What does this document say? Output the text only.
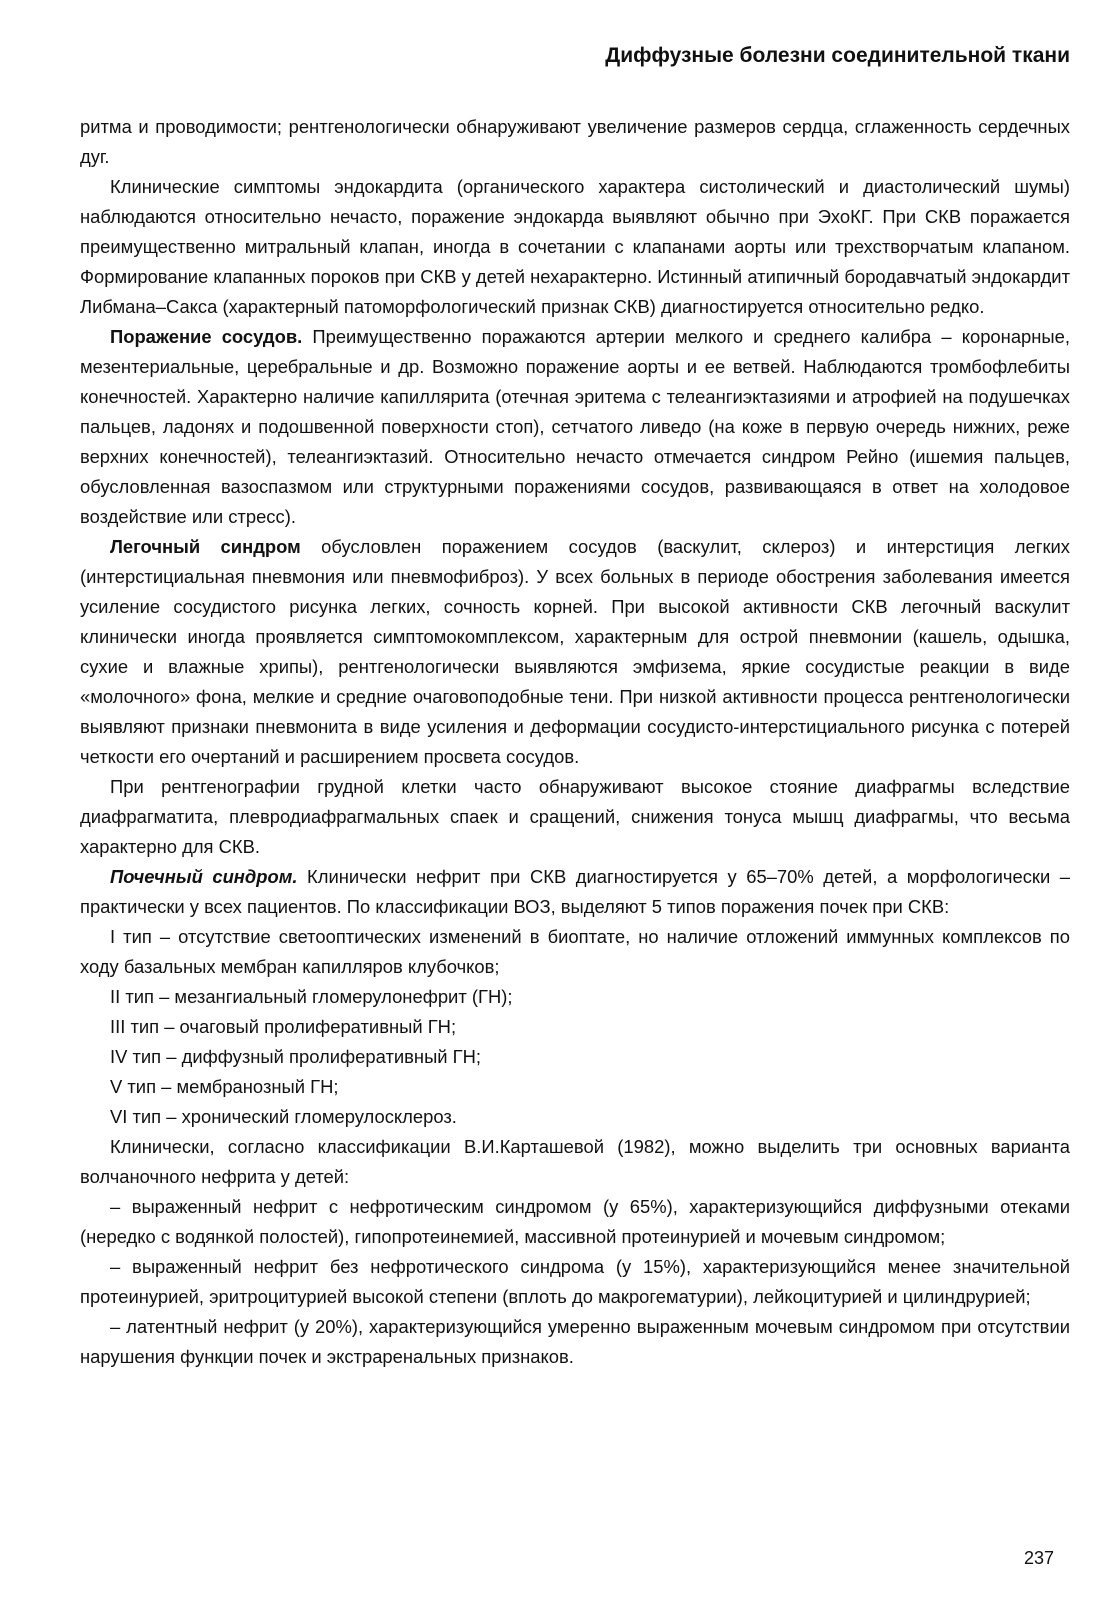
Диффузные болезни соединительной ткани

ритма и проводимости; рентгенологически обнаруживают увеличение размеров сердца, сглаженность сердечных дуг.

Клинические симптомы эндокардита (органического характера систолический и диастолический шумы) наблюдаются относительно нечасто, поражение эндокарда выявляют обычно при ЭхоКГ. При СКВ поражается преимущественно митральный клапан, иногда в сочетании с клапанами аорты или трехстворчатым клапаном. Формирование клапанных пороков при СКВ у детей нехарактерно. Истинный атипичный бородавчатый эндокардит Либмана–Сакса (характерный патоморфологический признак СКВ) диагностируется относительно редко.

Поражение сосудов. Преимущественно поражаются артерии мелкого и среднего калибра – коронарные, мезентериальные, церебральные и др. Возможно поражение аорты и ее ветвей. Наблюдаются тромбофлебиты конечностей. Характерно наличие капиллярита (отечная эритема с телеангиэктазиями и атрофией на подушечках пальцев, ладонях и подошвенной поверхности стоп), сетчатого ливедо (на коже в первую очередь нижних, реже верхних конечностей), телеангиэктазий. Относительно нечасто отмечается синдром Рейно (ишемия пальцев, обусловленная вазоспазмом или структурными поражениями сосудов, развивающаяся в ответ на холодовое воздействие или стресс).

Легочный синдром обусловлен поражением сосудов (васкулит, склероз) и интерстиция легких (интерстициальная пневмония или пневмофиброз). У всех больных в периоде обострения заболевания имеется усиление сосудистого рисунка легких, сочность корней. При высокой активности СКВ легочный васкулит клинически иногда проявляется симптомокомплексом, характерным для острой пневмонии (кашель, одышка, сухие и влажные хрипы), рентгенологически выявляются эмфизема, яркие сосудистые реакции в виде «молочного» фона, мелкие и средние очаговоподобные тени. При низкой активности процесса рентгенологически выявляют признаки пневмонита в виде усиления и деформации сосудисто-интерстициального рисунка с потерей четкости его очертаний и расширением просвета сосудов.

При рентгенографии грудной клетки часто обнаруживают высокое стояние диафрагмы вследствие диафрагматита, плевродиафрагмальных спаек и сращений, снижения тонуса мышц диафрагмы, что весьма характерно для СКВ.

Почечный синдром. Клинически нефрит при СКВ диагностируется у 65–70% детей, а морфологически – практически у всех пациентов. По классификации ВОЗ, выделяют 5 типов поражения почек при СКВ:

I тип – отсутствие светооптических изменений в биоптате, но наличие отложений иммунных комплексов по ходу базальных мембран капилляров клубочков;

II тип – мезангиальный гломерулонефрит (ГН);

III тип – очаговый пролиферативный ГН;

IV тип – диффузный пролиферативный ГН;

V тип – мембранозный ГН;

VI тип – хронический гломерулосклероз.

Клинически, согласно классификации В.И.Карташевой (1982), можно выделить три основных варианта волчаночного нефрита у детей:

– выраженный нефрит с нефротическим синдромом (у 65%), характеризующийся диффузными отеками (нередко с водянкой полостей), гипопротеинемией, массивной протеинурией и мочевым синдромом;

– выраженный нефрит без нефротического синдрома (у 15%), характеризующийся менее значительной протеинурией, эритроцитурией высокой степени (вплоть до макрогематурии), лейкоцитурией и цилиндрурией;

– латентный нефрит (у 20%), характеризующийся умеренно выраженным мочевым синдромом при отсутствии нарушения функции почек и экстраренальных признаков.

237
